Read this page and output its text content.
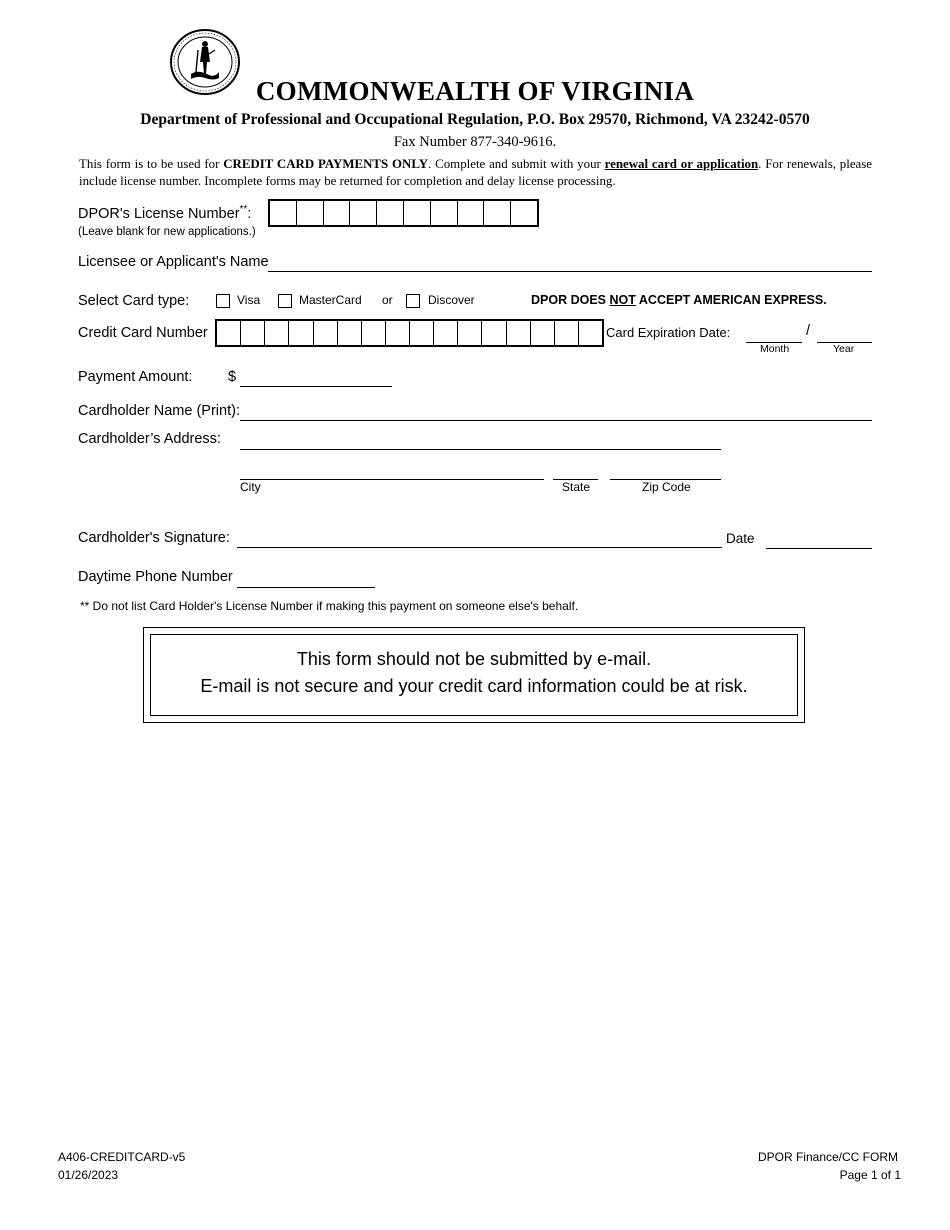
COMMONWEALTH OF VIRGINIA
Department of Professional and Occupational Regulation, P.O. Box 29570, Richmond, VA 23242-0570
Fax Number 877-340-9616.
This form is to be used for CREDIT CARD PAYMENTS ONLY. Complete and submit with your renewal card or application. For renewals, please include license number. Incomplete forms may be returned for completion and delay license processing.
DPOR's License Number**:
(Leave blank for new applications.)
Licensee or Applicant's Name
Select Card type:	Visa	MasterCard or	Discover	DPOR DOES NOT ACCEPT AMERICAN EXPRESS.
Credit Card Number	Card Expiration Date:	/
Month	Year
Payment Amount: $
Cardholder Name (Print):
Cardholder’s Address:
City	State	Zip Code
Cardholder's Signature:	Date
Daytime Phone Number
** Do not list Card Holder's License Number if making this payment on someone else's behalf.
This form should not be submitted by e-mail.
E-mail is not secure and your credit card information could be at risk.
A406-CREDITCARD-v5
01/26/2023
DPOR Finance/CC FORM
Page 1 of 1
